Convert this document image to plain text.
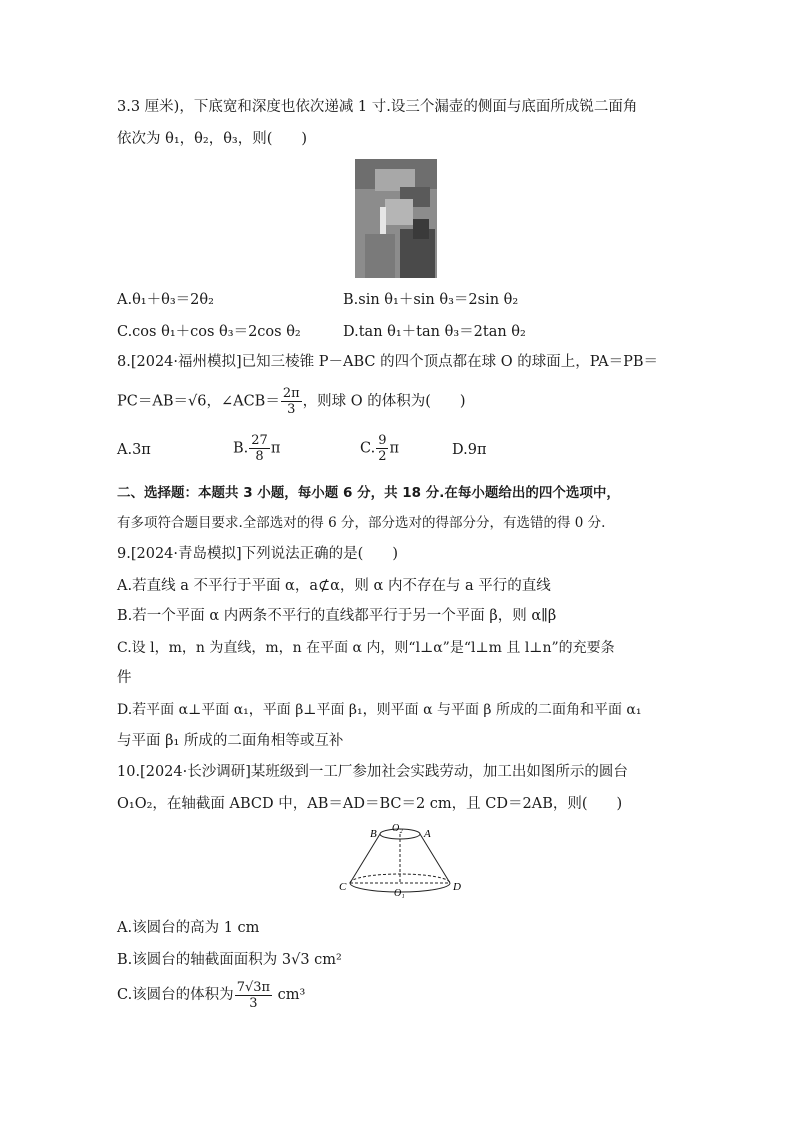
3.3 厘米)，下底宽和深度也依次递减 1 寸.设三个漏壶的侧面与底面所成锐二面角
依次为 θ₁，θ₂，θ₃，则(　　)
A.θ₁＋θ₃＝2θ₂	B.sin θ₁＋sin θ₃＝2sin θ₂
C.cos θ₁＋cos θ₃＝2cos θ₂	D.tan θ₁＋tan θ₃＝2tan θ₂
8.[2024·福州模拟]已知三棱锥 P－ABC 的四个顶点都在球 O 的球面上，PA＝PB＝
PC＝AB＝√6，∠ACB＝ $\frac{2\pi}{3}$ ，则球 O 的体积为(　　)
A.3π	B. $\frac{27}{8}$ π	C. $\frac{9}{2}$ π	D.9π
二、选择题：本题共 3 小题，每小题 6 分，共 18 分.在每小题给出的四个选项中，
有多项符合题目要求.全部选对的得 6 分，部分选对的得部分分，有选错的得 0 分.
9.[2024·青岛模拟]下列说法正确的是(　　)
A.若直线 a 不平行于平面 α，a⊄α，则 α 内不存在与 a 平行的直线
B.若一个平面 α 内两条不平行的直线都平行于另一个平面 β，则 α∥β
C.设 l，m，n 为直线，m，n 在平面 α 内，则“l⊥α”是“l⊥m 且 l⊥n”的充要条
件
D.若平面 α⊥平面 α₁，平面 β⊥平面 β₁，则平面 α 与平面 β 所成的二面角和平面 α₁
与平面 β₁ 所成的二面角相等或互补
10.[2024·长沙调研]某班级到一工厂参加社会实践劳动，加工出如图所示的圆台
O₁O₂，在轴截面 ABCD 中，AB＝AD＝BC＝2 cm，且 CD＝2AB，则(　　)
B	A
O₂
C	D
O₁
A.该圆台的高为 1 cm
B.该圆台的轴截面面积为 3√3 cm²
C.该圆台的体积为 $\frac{7√3\pi}{3} cm^3$
